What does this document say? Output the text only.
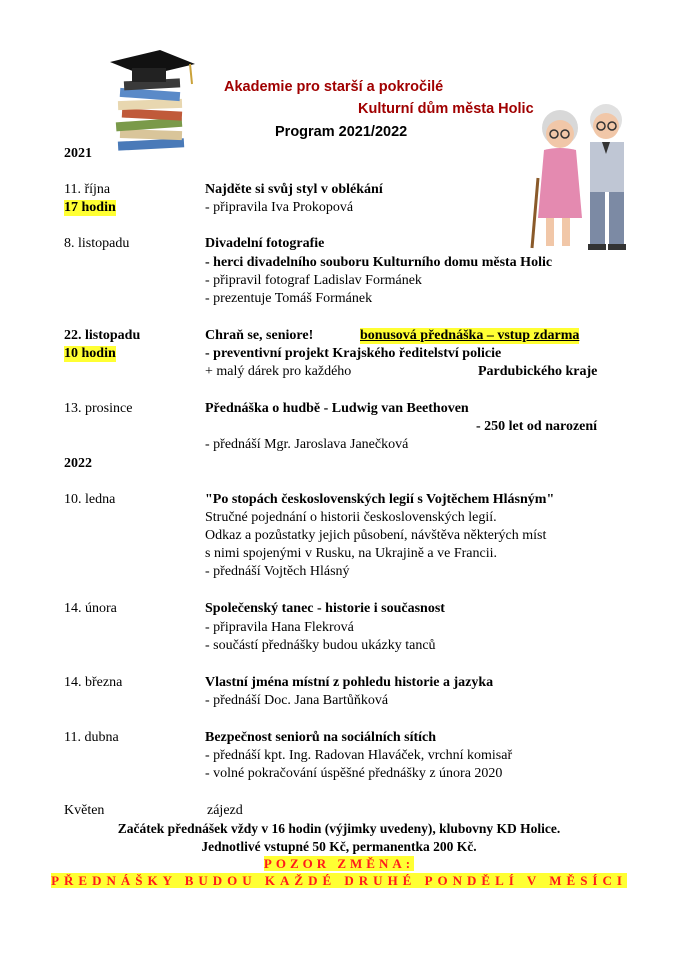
Akademie pro starší a pokročilé
Kulturní dům města Holic
Program 2021/2022
2021
11. října	Najděte si svůj styl v oblékání
17 hodin	- připravila Iva Prokopová
8. listopadu	Divadelní fotografie
- herci divadelního souboru Kulturního domu města Holic
- připravil fotograf Ladislav Formánek
- prezentuje Tomáš Formánek
22. listopadu	Chraň se, seniore!	bonusová přednáška – vstup zdarma
10 hodin	- preventivní projekt Krajského ředitelství policie
+ malý dárek pro každého	Pardubického kraje
13. prosince	Přednáška o hudbě - Ludwig van Beethoven
- 250 let od narození
- přednáší Mgr. Jaroslava Janečková
2022
10. ledna	"Po stopách československých legií s Vojtěchem Hlásným"
Stručné pojednání o historii československých legií.
Odkaz a pozůstatky jejich působení, návštěva některých míst
s nimi spojenými v Rusku, na Ukrajině a ve Francii.
- přednáší Vojtěch Hlásný
14. února	Společenský tanec - historie i současnost
- připravila Hana Flekrová
- součástí přednášky budou ukázky tanců
14. března	Vlastní jména místní z pohledu historie a jazyka
- přednáší Doc. Jana Bartůňková
11. dubna	Bezpečnost seniorů na sociálních sítích
- přednáší kpt. Ing. Radovan Hlaváček, vrchní komisař
- volné pokračování úspěšné přednášky z února 2020
Květen	zájezd
Začátek přednášek vždy v 16 hodin (výjimky uvedeny), klubovny KD Holice.
Jednotlivé vstupné 50 Kč, permanentka 200 Kč.
POZOR ZMĚNA:
PŘEDNÁŠKY BUDOU KAŽDÉ DRUHÉ PONDĚLÍ V MĚSÍCI
